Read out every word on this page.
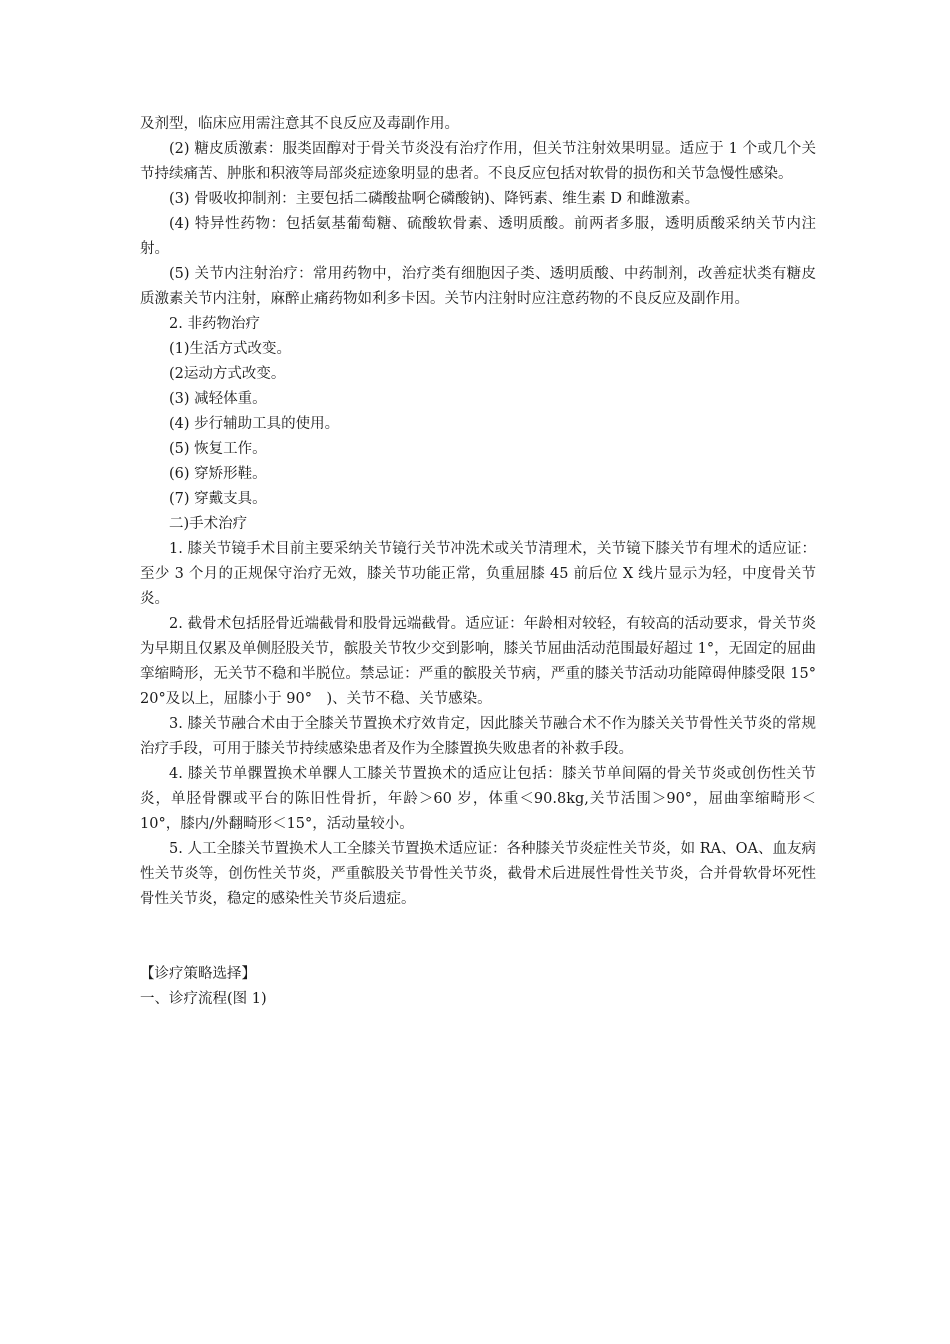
及剂型，临床应用需注意其不良反应及毒副作用。

(2) 糖皮质激素：服类固醇对于骨关节炎没有治疗作用，但关节注射效果明显。适应于 1 个或几个关节持续痛苦、肿胀和积液等局部炎症迹象明显的患者。不良反应包括对软骨的损伤和关节急慢性感染。

(3) 骨吸收抑制剂：主要包括二磷酸盐啊仑磷酸钠)、降钙素、维生素 D 和雌激素。

(4) 特异性药物：包括氨基葡萄糖、硫酸软骨素、透明质酸。前两者多服，透明质酸采纳关节内注射。

(5) 关节内注射治疗：常用药物中，治疗类有细胞因子类、透明质酸、中药制剂，改善症状类有糖皮质激素关节内注射，麻醉止痛药物如利多卡因。关节内注射时应注意药物的不良反应及副作用。

2. 非药物治疗

(1)生活方式改变。

(2运动方式改变。

(3) 减轻体重。

(4) 步行辅助工具的使用。

(5) 恢复工作。

(6) 穿矫形鞋。

(7) 穿戴支具。

二)手术治疗

1. 膝关节镜手术目前主要采纳关节镜行关节冲洗术或关节清理术，关节镜下膝关节有埋术的适应证：至少 3 个月的正规保守治疗无效，膝关节功能正常，负重屈膝 45 前后位 X 线片显示为轻，中度骨关节炎。

2. 截骨术包括胫骨近端截骨和股骨远端截骨。适应证：年龄相对较轻，有较高的活动要求，骨关节炎为早期且仅累及单侧胫股关节，髌股关节牧少交到影响，膝关节屈曲活动范围最好超过 1°，无固定的屈曲挛缩畸形，无关节不稳和半脱位。禁忌证：严重的髌股关节病，严重的膝关节活动功能障碍伸膝受限 15°　20°及以上，屈膝小于 90°　)、关节不稳、关节感染。

3. 膝关节融合术由于全膝关节置换术疗效肯定，因此膝关节融合术不作为膝关关节骨性关节炎的常规治疗手段，可用于膝关节持续感染患者及作为全膝置换失败患者的补救手段。

4. 膝关节单髁置换术单髁人工膝关节置换术的适应让包括：膝关节单间隔的骨关节炎或创伤性关节炎，单胫骨髁或平台的陈旧性骨折，年龄＞60 岁，体重＜90.8kg,关节活围＞90°，屈曲挛缩畸形＜10°，膝内/外翻畸形＜15°，活动量较小。

5. 人工全膝关节置换术人工全膝关节置换术适应证：各种膝关节炎症性关节炎，如 RA、OA、血友病性关节炎等，创伤性关节炎，严重髌股关节骨性关节炎，截骨术后进展性骨性关节炎，合并骨软骨坏死性骨性关节炎，稳定的感染性关节炎后遗症。

【诊疗策略选择】

一、诊疗流程(图 1)
